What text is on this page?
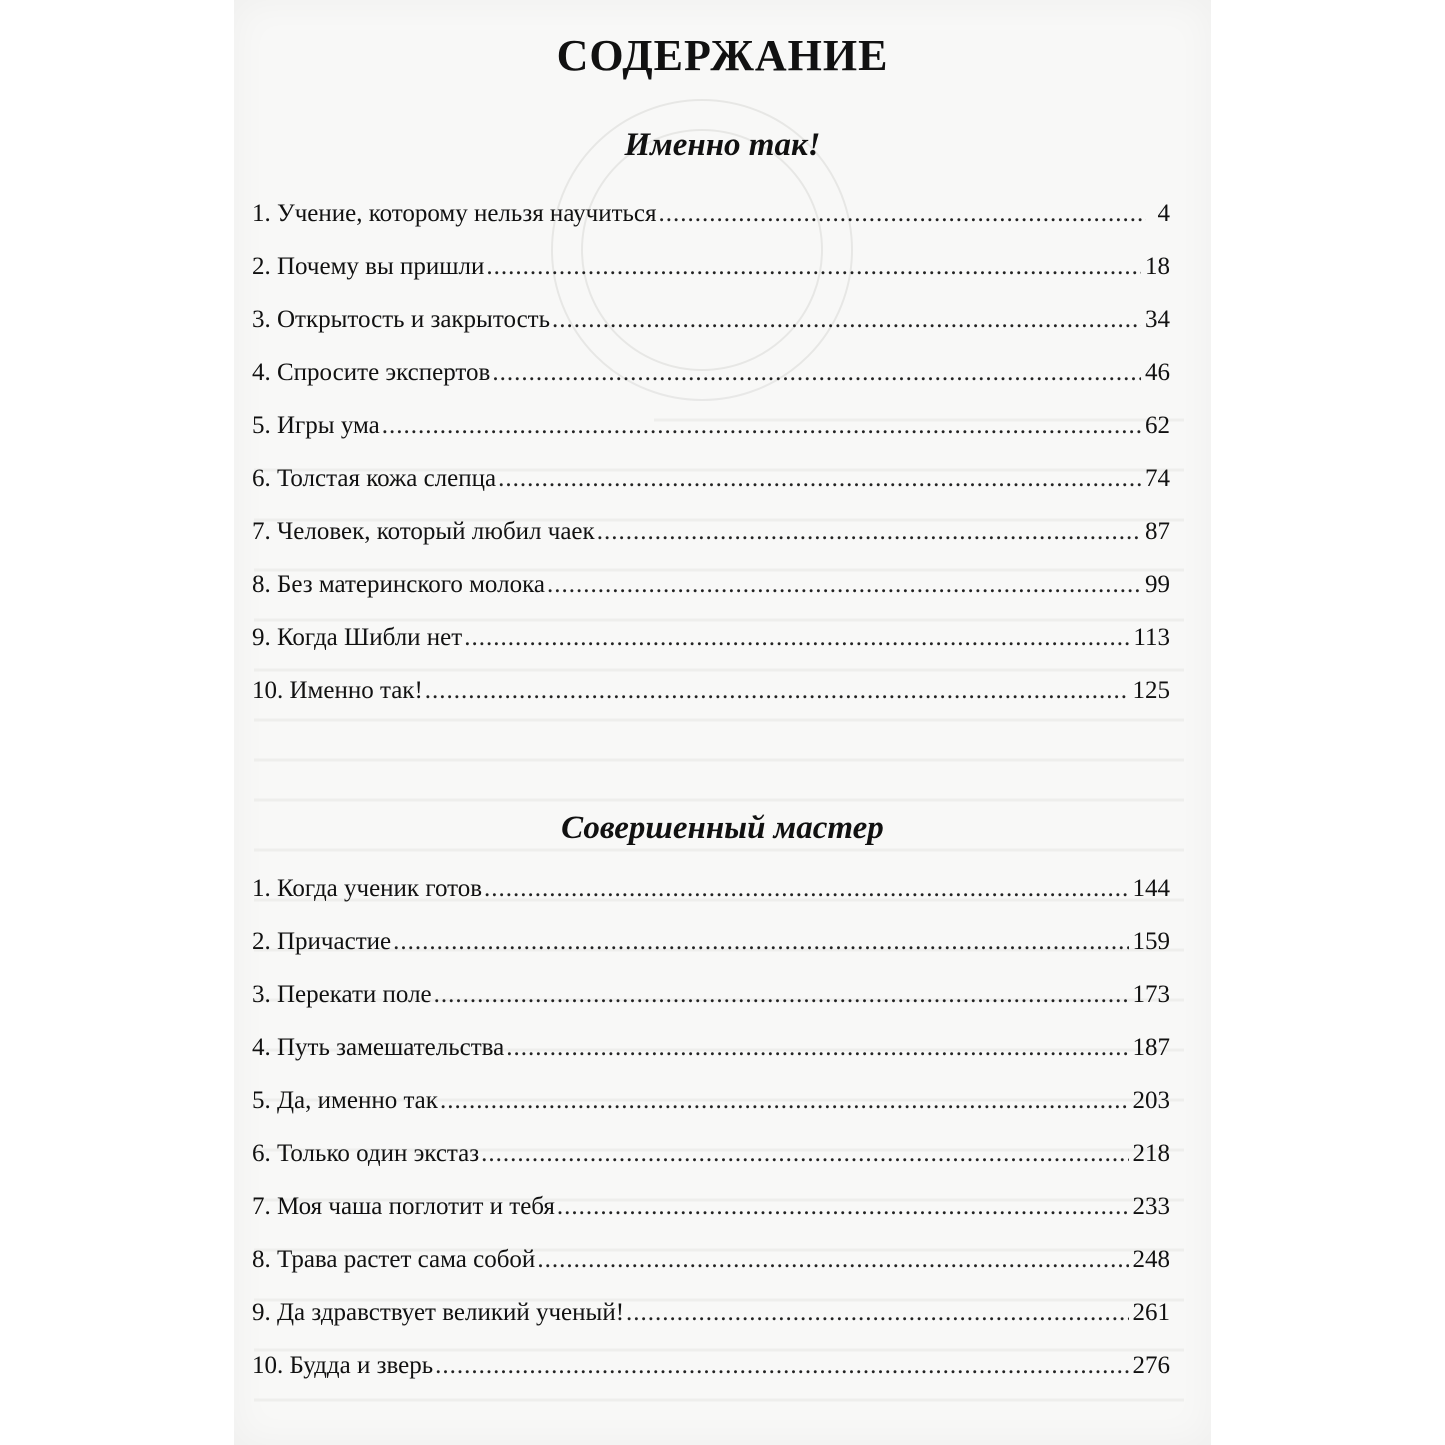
СОДЕРЖАНИЕ
Именно так!
1. Учение, которому нельзя научиться .....	4
2. Почему вы пришли .....	18
3. Открытость и закрытость .....	34
4. Спросите экспертов .....	46
5. Игры ума .....	62
6. Толстая кожа слепца .....	74
7. Человек, который любил чаек .....	87
8. Без материнского молока .....	99
9. Когда Шибли нет .....	113
10. Именно так! .....	125
Совершенный мастер
1. Когда ученик готов .....	144
2. Причастие .....	159
3. Перекати поле .....	173
4. Путь замешательства .....	187
5. Да, именно так .....	203
6. Только один экстаз .....	218
7. Моя чаша поглотит и тебя .....	233
8. Трава растет сама собой .....	248
9. Да здравствует великий ученый! .....	261
10. Будда и зверь .....	276
